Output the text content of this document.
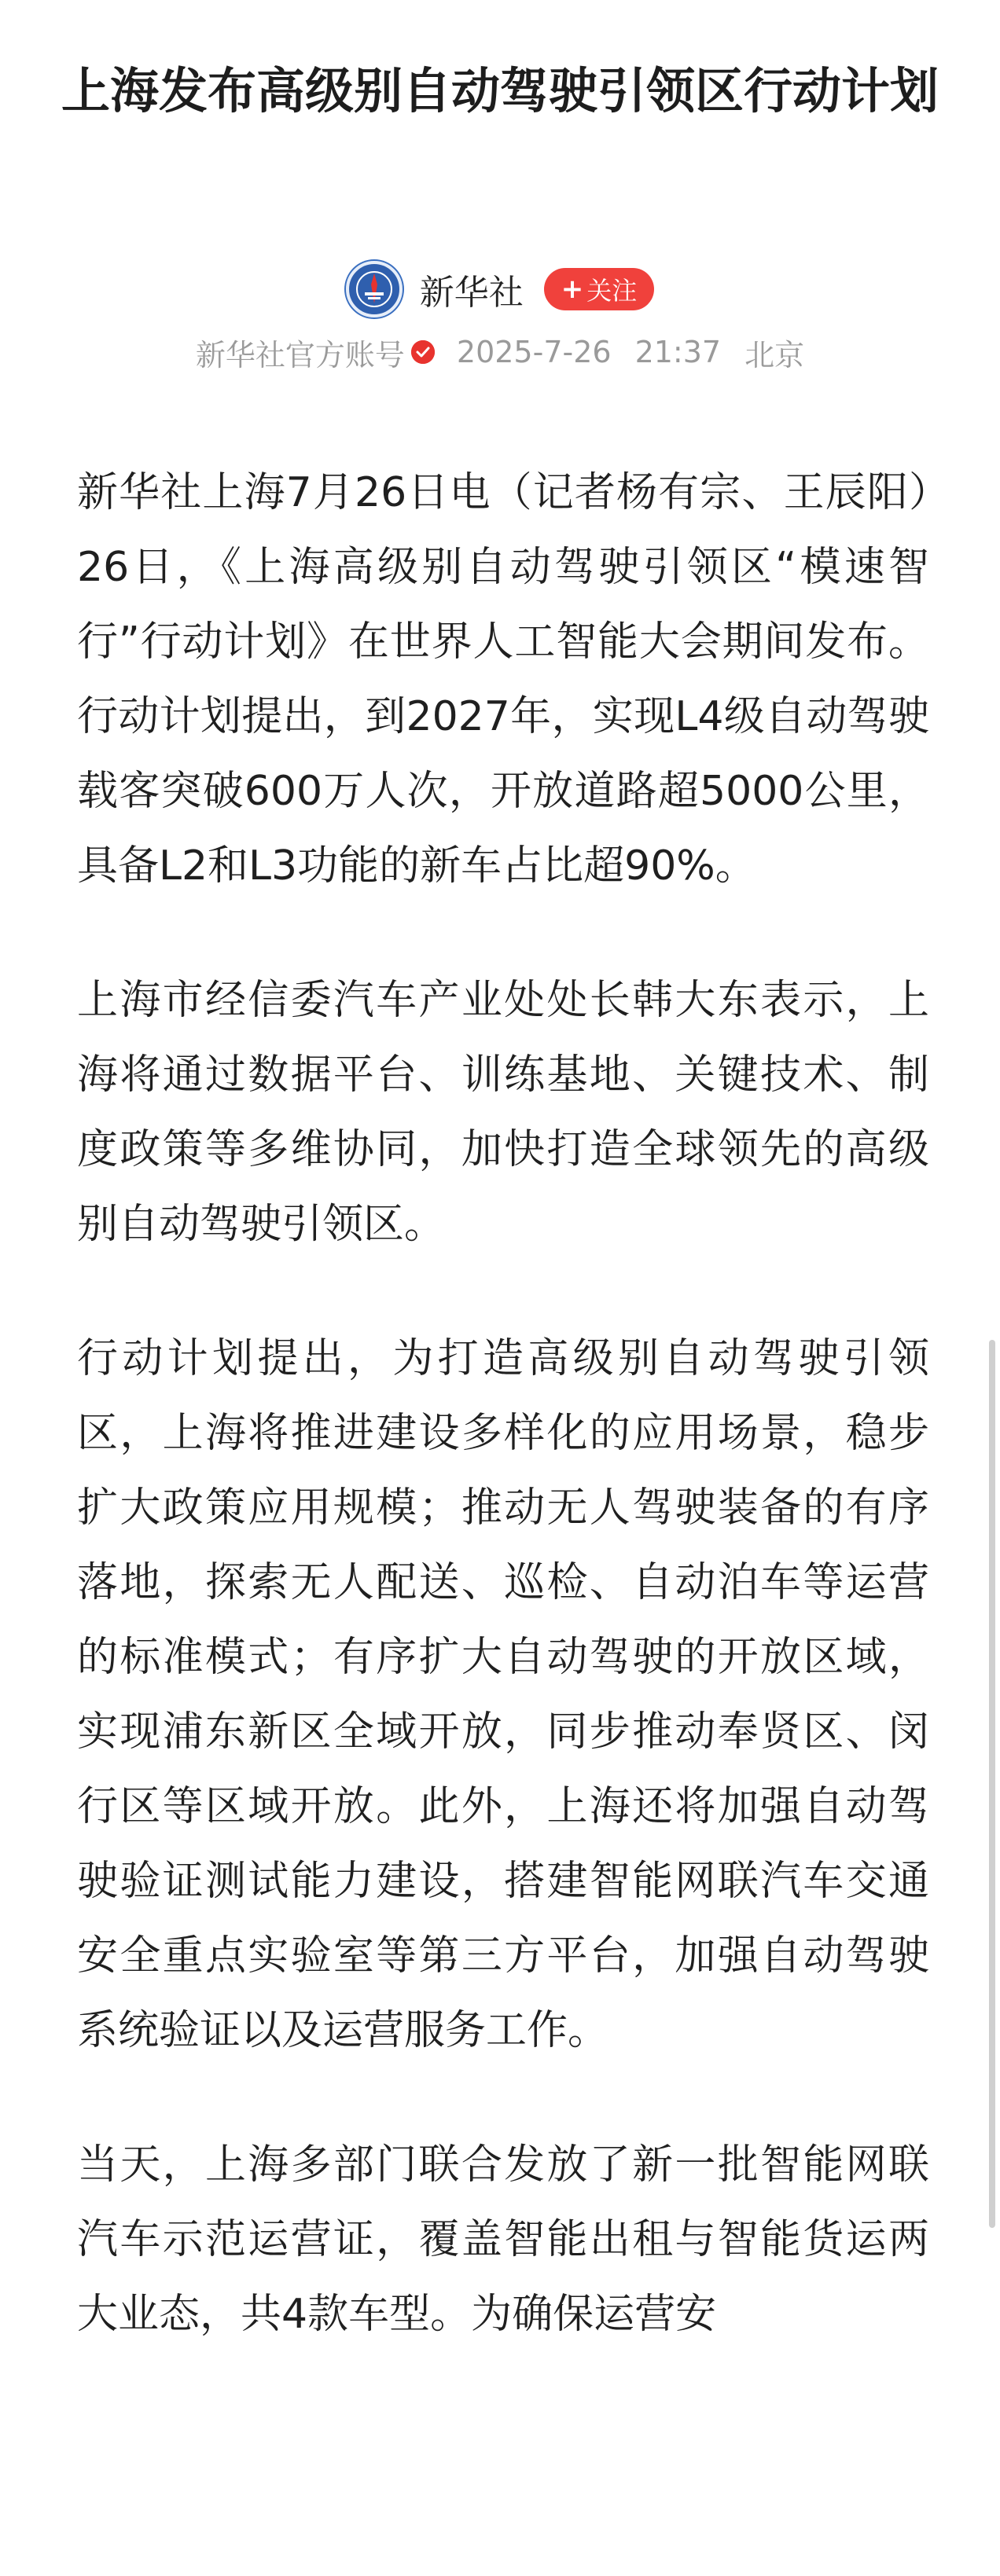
上海发布高级别自动驾驶引领区行动计划
新华社 + 关注
新华社官方账号 2025-7-26 21:37 北京

新华社上海7月26日电（记者杨有宗、王辰阳）26日，《上海高级别自动驾驶引领区“模速智行”行动计划》在世界人工智能大会期间发布。行动计划提出，到2027年，实现L4级自动驾驶载客突破600万人次，开放道路超5000公里，具备L2和L3功能的新车占比超90%。

上海市经信委汽车产业处处长韩大东表示，上海将通过数据平台、训练基地、关键技术、制度政策等多维协同，加快打造全球领先的高级别自动驾驶引领区。

行动计划提出，为打造高级别自动驾驶引领区，上海将推进建设多样化的应用场景，稳步扩大政策应用规模；推动无人驾驶装备的有序落地，探索无人配送、巡检、自动泊车等运营的标准模式；有序扩大自动驾驶的开放区域，实现浦东新区全域开放，同步推动奉贤区、闵行区等区域开放。此外，上海还将加强自动驾驶验证测试能力建设，搭建智能网联汽车交通安全重点实验室等第三方平台，加强自动驾驶系统验证以及运营服务工作。

当天，上海多部门联合发放了新一批智能网联汽车示范运营证，覆盖智能出租与智能货运两大业态，共4款车型。为确保运营安
